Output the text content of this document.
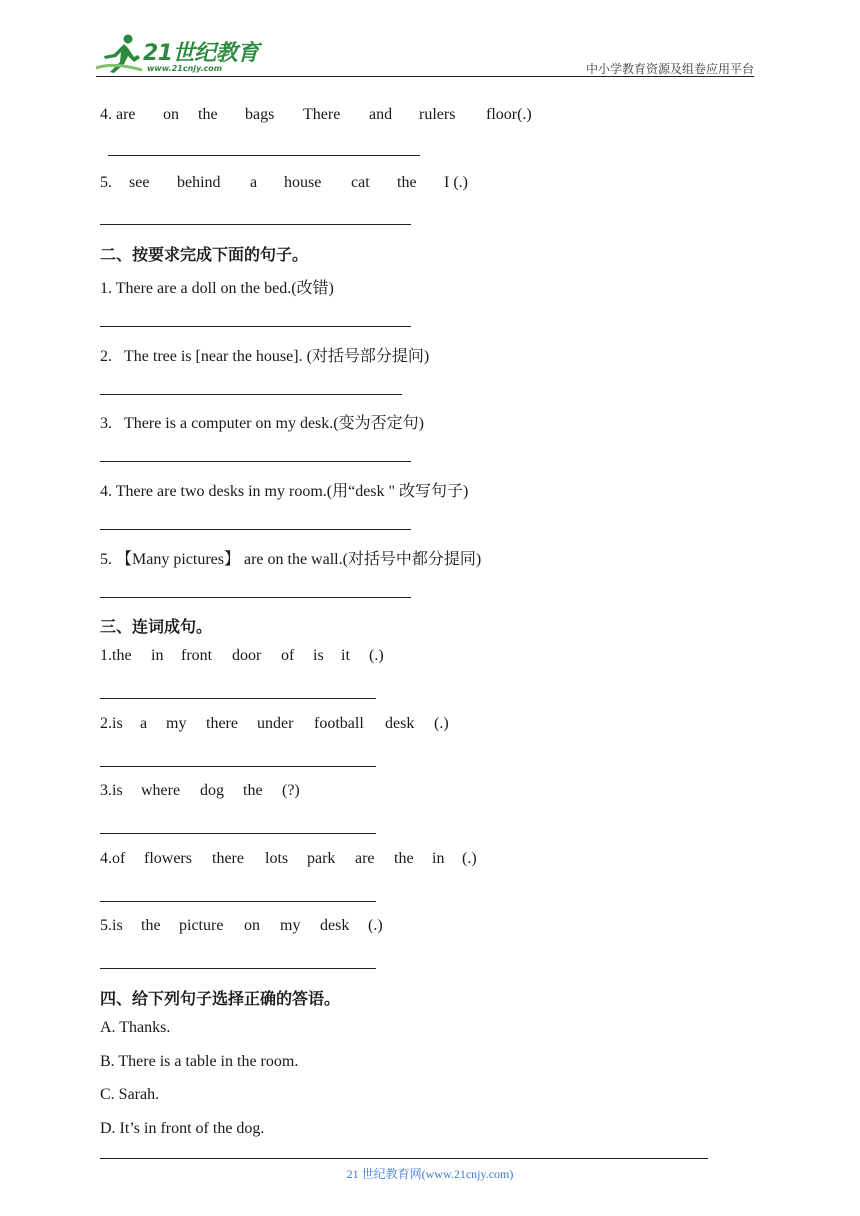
21世纪教育
www.21cnjy.com	中小学教育资源及组卷应用平台
4. are on the bags There and rulers floor(.)
5. see behind a house cat the I (.)
二、按要求完成下面的句子。
1. There are a doll on the bed.(改错)
2.   The tree is [near the house]. (对括号部分提问)
3.   There is a computer on my desk.(变为否定句)
4. There are two desks in my room.(用“desk " 改写句子)
5. 【Many pictures】 are on the wall.(对括号中都分提同)
三、连词成句。
1.the in front door of is it (.)
2.is a my there under football desk (.)
3.is where dog the (?)
4.of flowers there lots park are the in (.)
5.is the picture on my desk (.)
四、给下列句子选择正确的答语。
A. Thanks.
B. There is a table in the room.
C. Sarah.
D. It’s in front of the dog.
21 世纪教育网(www.21cnjy.com)
